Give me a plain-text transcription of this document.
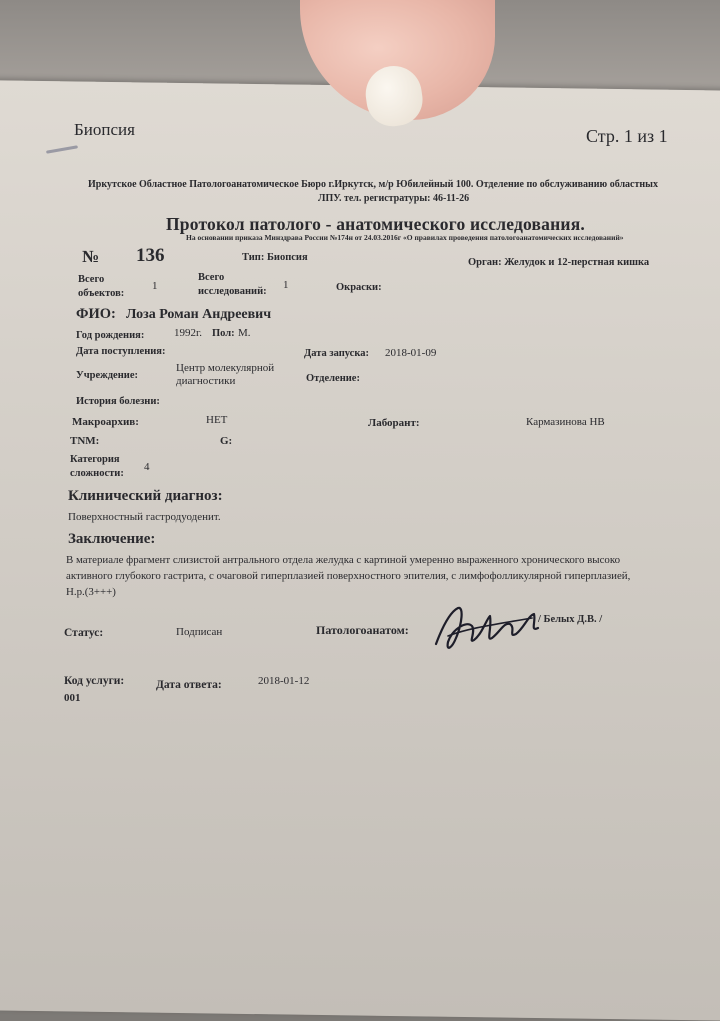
Биопсия	Стр. 1 из 1
Иркутское Областное Патологоанатомическое Бюро г.Иркутск, м/р Юбилейный 100. Отделение по обслуживанию областных
ЛПУ. тел. регистратуры: 46-11-26
Протокол патолого - анатомического исследования.
На основании приказа Минздрава России №174н от 24.03.2016г «О правилах проведения патологоанатомических исследований»
№ 136	Тип: Биопсия	Орган: Желудок и 12-перстная кишка
Всего
объектов:
1
Всего
исследований:
1	Окраски:
ФИО: Лоза Роман Андреевич
Год рождения:	1992г. Пол: М.
Дата поступления:	Дата запуска: 2018-01-09
Учреждение:
Центр молекулярной
диагностики	Отделение:
История болезни:
Макроархив:	НЕТ	Лаборант:	Кармазинова НВ
TNM:	G:
Категория
сложности:
4
Клинический диагноз:
Поверхностный гастродуоденит.
Заключение:
В материале фрагмент слизистой антрального отдела желудка с картиной умеренно выраженного хронического высоко
активного глубокого гастрита, с очаговой гиперплазией поверхностного эпителия, с лимфофолликулярной гиперплазией,
H.p.(3+++)
Статус:	Подписан	Патологоанатом:
/ Белых Д.В. /
Код услуги:
001
Дата ответа:	2018-01-12
